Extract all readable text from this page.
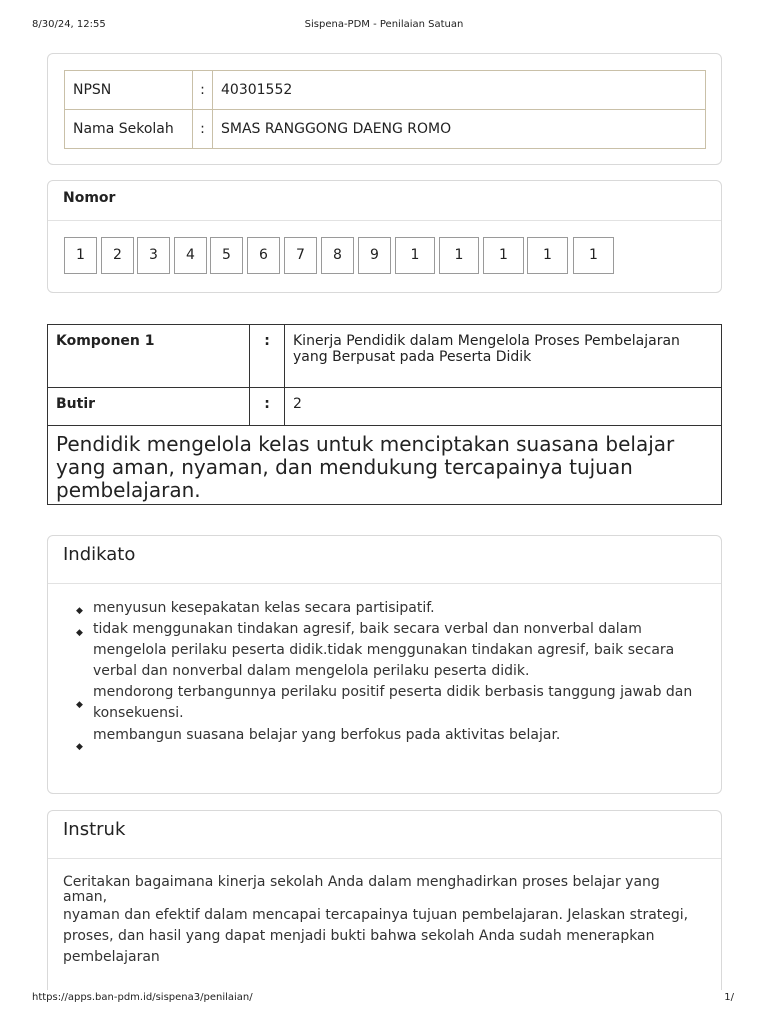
8/30/24, 12:55	Sispena-PDM - Penilaian Satuan
NPSN	:	40301552
Nama Sekolah	:	SMAS RANGGONG DAENG ROMO
Nomor
1	2	3	4	5	6	7	8	9	1	1	1	1	1
Komponen 1	:	Kinerja Pendidik dalam Mengelola Proses Pembelajaran yang Berpusat pada Peserta Didik
Butir	:	2
Pendidik mengelola kelas untuk menciptakan suasana belajar yang aman, nyaman, dan mendukung tercapainya tujuan pembelajaran.		
Indikato
◆ menyusun kesepakatan kelas secara partisipatif.
◆ tidak menggunakan tindakan agresif, baik secara verbal dan nonverbal dalam mengelola perilaku peserta didik.tidak menggunakan tindakan agresif, baik secara verbal dan nonverbal dalam mengelola perilaku peserta didik.
◆
mendorong terbangunnya perilaku positif peserta didik berbasis tanggung jawab dan konsekuensi.
membangun suasana belajar yang berfokus pada aktivitas belajar.
◆
Instruk
Ceritakan bagaimana kinerja sekolah Anda dalam menghadirkan proses belajar yang aman,
nyaman dan efektif dalam mencapai tercapainya tujuan pembelajaran. Jelaskan strategi, proses, dan hasil yang dapat menjadi bukti bahwa sekolah Anda sudah menerapkan pembelajaran
https://apps.ban-pdm.id/sispena3/penilaian/	1/
